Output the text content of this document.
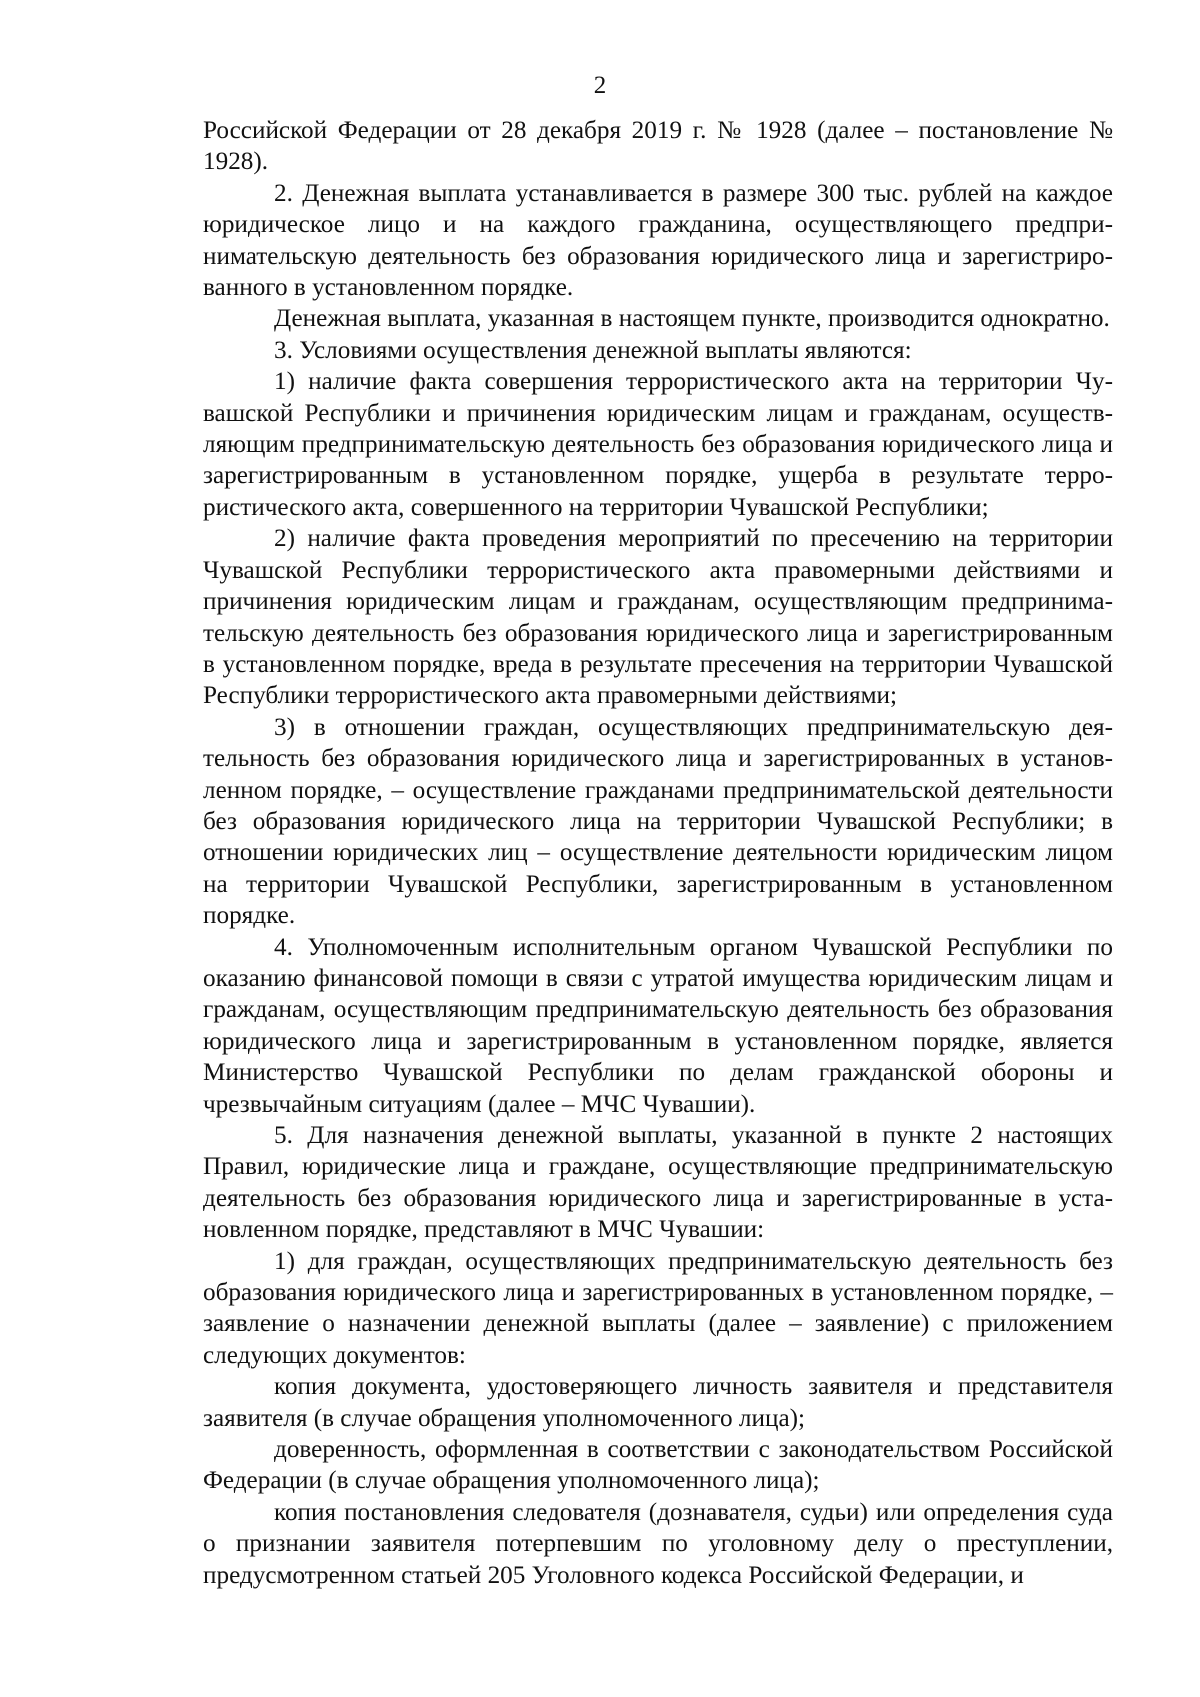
2

Российской Федерации от 28 декабря 2019 г. № 1928 (далее – постановление № 1928).

2. Денежная выплата устанавливается в размере 300 тыс. рублей на каждое юридическое лицо и на каждого гражданина, осуществляющего предпринимательскую деятельность без образования юридического лица и зарегистрированного в установленном порядке.

Денежная выплата, указанная в настоящем пункте, производится однократно.

3. Условиями осуществления денежной выплаты являются:

1) наличие факта совершения террористического акта на территории Чувашской Республики и причинения юридическим лицам и гражданам, осуществляющим предпринимательскую деятельность без образования юридического лица и зарегистрированным в установленном порядке, ущерба в результате террористического акта, совершенного на территории Чувашской Республики;

2) наличие факта проведения мероприятий по пресечению на территории Чувашской Республики террористического акта правомерными действиями и причинения юридическим лицам и гражданам, осуществляющим предпринимательскую деятельность без образования юридического лица и зарегистрированным в установленном порядке, вреда в результате пресечения на территории Чувашской Республики террористического акта правомерными действиями;

3) в отношении граждан, осуществляющих предпринимательскую деятельность без образования юридического лица и зарегистрированных в установленном порядке, – осуществление гражданами предпринимательской деятельности без образования юридического лица на территории Чувашской Республики; в отношении юридических лиц – осуществление деятельности юридическим лицом на территории Чувашской Республики, зарегистрированным в установленном порядке.

4. Уполномоченным исполнительным органом Чувашской Республики по оказанию финансовой помощи в связи с утратой имущества юридическим лицам и гражданам, осуществляющим предпринимательскую деятельность без образования юридического лица и зарегистрированным в установленном порядке, является Министерство Чувашской Республики по делам гражданской обороны и чрезвычайным ситуациям (далее – МЧС Чувашии).

5. Для назначения денежной выплаты, указанной в пункте 2 настоящих Правил, юридические лица и граждане, осуществляющие предпринимательскую деятельность без образования юридического лица и зарегистрированные в установленном порядке, представляют в МЧС Чувашии:

1) для граждан, осуществляющих предпринимательскую деятельность без образования юридического лица и зарегистрированных в установленном порядке, – заявление о назначении денежной выплаты (далее – заявление) с приложением следующих документов:

копия документа, удостоверяющего личность заявителя и представителя заявителя (в случае обращения уполномоченного лица);

доверенность, оформленная в соответствии с законодательством Российской Федерации (в случае обращения уполномоченного лица);

копия постановления следователя (дознавателя, судьи) или определения суда о признании заявителя потерпевшим по уголовному делу о преступлении, предусмотренном статьей 205 Уголовного кодекса Российской Федерации, и
